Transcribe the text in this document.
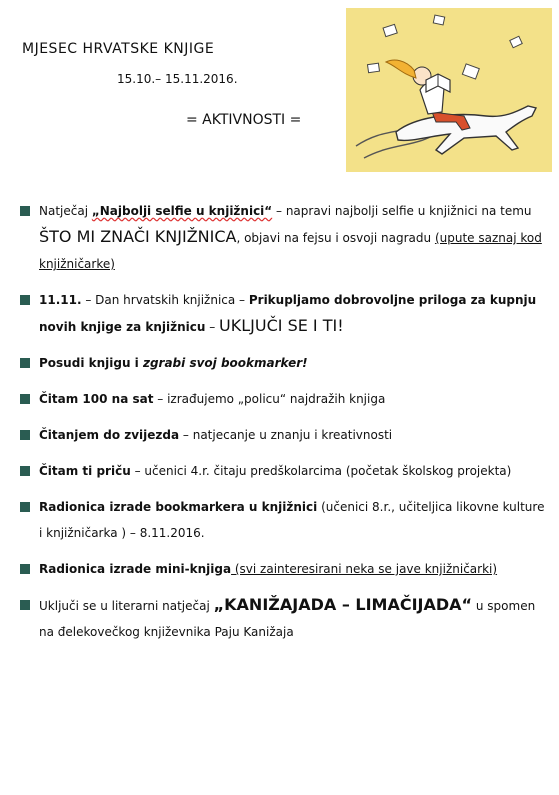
MJESEC HRVATSKE KNJIGE
15.10.– 15.11.2016.
= AKTIVNOSTI =
Natječaj „Najbolji selfie u knjižnici“ – napravi najbolji selfie u knjižnici na temu ŠTO MI ZNAČI KNJIŽNICA, objavi na fejsu i osvoji nagradu (upute saznaj kod knjižničarke)
11.11. – Dan hrvatskih knjižnica – Prikupljamo dobrovoljne priloga za kupnju novih knjige za knjižnicu – UKLJUČI SE I TI!
Posudi knjigu i zgrabi svoj bookmarker!
Čitam 100 na sat – izrađujemo „policu“ najdražih knjiga
Čitanjem do zvijezda – natjecanje u znanju i kreativnosti
Čitam ti priču – učenici 4.r. čitaju predškolarcima (početak školskog projekta)
Radionica izrade bookmarkera u knjižnici (učenici 8.r., učiteljica likovne kulture i knjižničarka ) – 8.11.2016.
Radionica izrade mini-knjiga (svi zainteresirani neka se jave knjižničarki)
Uključi se u literarni natječaj „KANIŽAJADA – LIMAČIJADA“ u spomen na đelekovečkog književnika Paju Kanižaja
